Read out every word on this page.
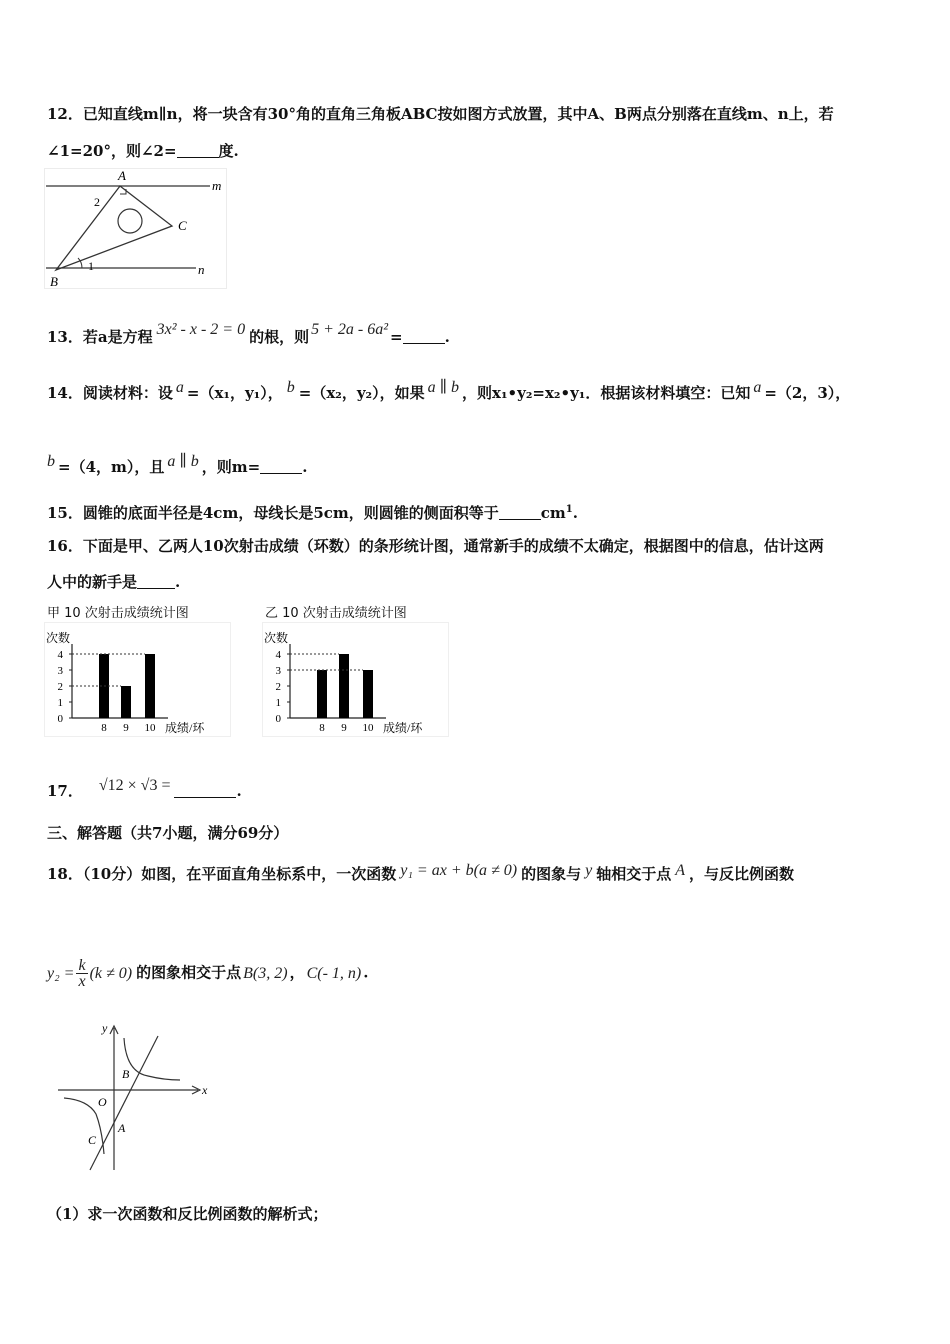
12．已知直线m∥n，将一块含有30°角的直角三角板ABC按如图方式放置，其中A、B两点分别落在直线m、n上，若
∠1=20°，则∠2=	度.
A
B
C
m
n
1
2
13．若a是方程 3x² - x - 2 = 0 的根，则 5 + 2a - 6a² =	.
14．阅读材料：设 a =（x₁，y₁）， b =（x₂，y₂），如果 a ∥ b ，则x₁•y₂=x₂•y₁．根据该材料填空：已知 a =（2，3），
b =（4，m），且 a ∥ b ，则m=	.
15．圆锥的底面半径是4cm，母线长是5cm，则圆锥的侧面积等于	$cm^1$.
16．下面是甲、乙两人10次射击成绩（环数）的条形统计图，通常新手的成绩不太确定，根据图中的信息，估计这两
人中的新手是	.
甲 10 次射击成绩统计图
次数
0
1
2
3
4
8 9 10 成绩/环
乙 10 次射击成绩统计图
次数
0
1
2
3
4
8 9 10 成绩/环
17． √12 × √3 =	.
三、解答题（共7小题，满分69分）
18．（10分）如图，在平面直角坐标系中，一次函数 y₁ = ax + b(a ≠ 0) 的图象与 y 轴相交于点 A ，与反比例函数
$y_2 = \frac{k}{x} (k \ne 0)$ 的图象相交于点 B(3, 2) ， C(- 1, n) .
x
y
O
B
A
C
（1）求一次函数和反比例函数的解析式；
